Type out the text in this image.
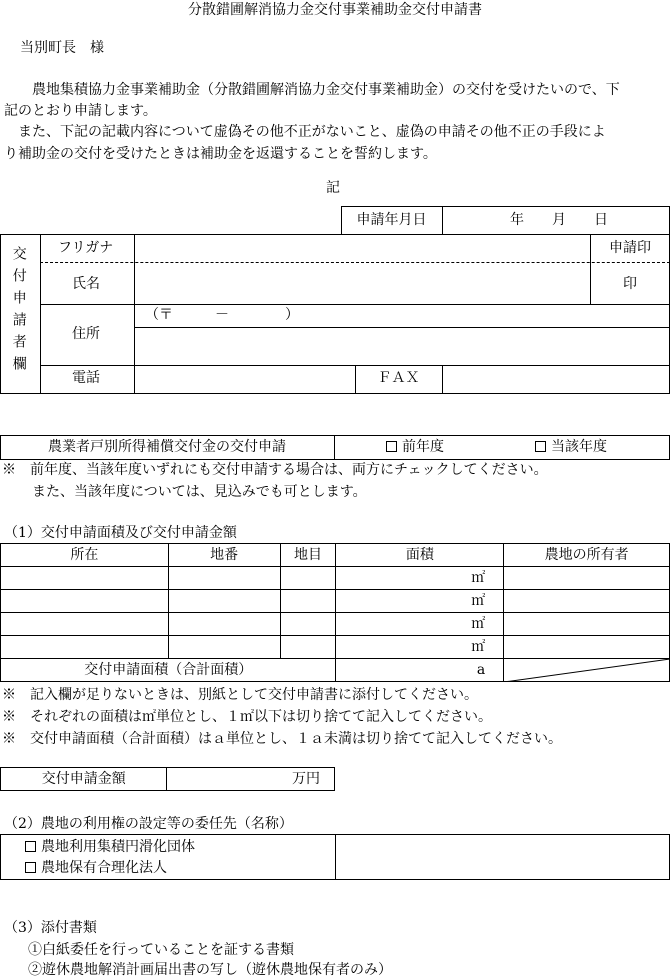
分散錯圃解消協力金交付事業補助金交付申請書
当別町長　様
農地集積協力金事業補助金（分散錯圃解消協力金交付事業補助金）の交付を受けたいので、下
記のとおり申請します。
また、下記の記載内容について虚偽その他不正がないこと、虚偽の申請その他不正の手段によ
り補助金の交付を受けたときは補助金を返還することを誓約します。
記
申請年月日	年　　月　　日
交付申請者欄 フリガナ	申請印
氏名	印
住所
（〒　　　－　　　　）
電話	ＦＡＸ
農業者戸別所得補償交付金の交付申請	前年度	当該年度
※　前年度、当該年度いずれにも交付申請する場合は、両方にチェックしてください。
また、当該年度については、見込みでも可とします。
（1）交付申請面積及び交付申請金額
所在	地番	地目	面積	農地の所有者
			㎡	
			㎡	
			㎡	
			㎡	
交付申請面積（合計面積）			a	
※　記入欄が足りないときは、別紙として交付申請書に添付してください。
※　それぞれの面積は㎡単位とし、１㎡以下は切り捨てて記入してください。
※　交付申請面積（合計面積）はａ単位とし、１ａ未満は切り捨てて記入してください。
交付申請金額	万円
（2）農地の利用権の設定等の委任先（名称）
農地利用集積円滑化団体
農地保有合理化法人

（3）添付書類
①白紙委任を行っていることを証する書類
②遊休農地解消計画届出書の写し（遊休農地保有者のみ）
